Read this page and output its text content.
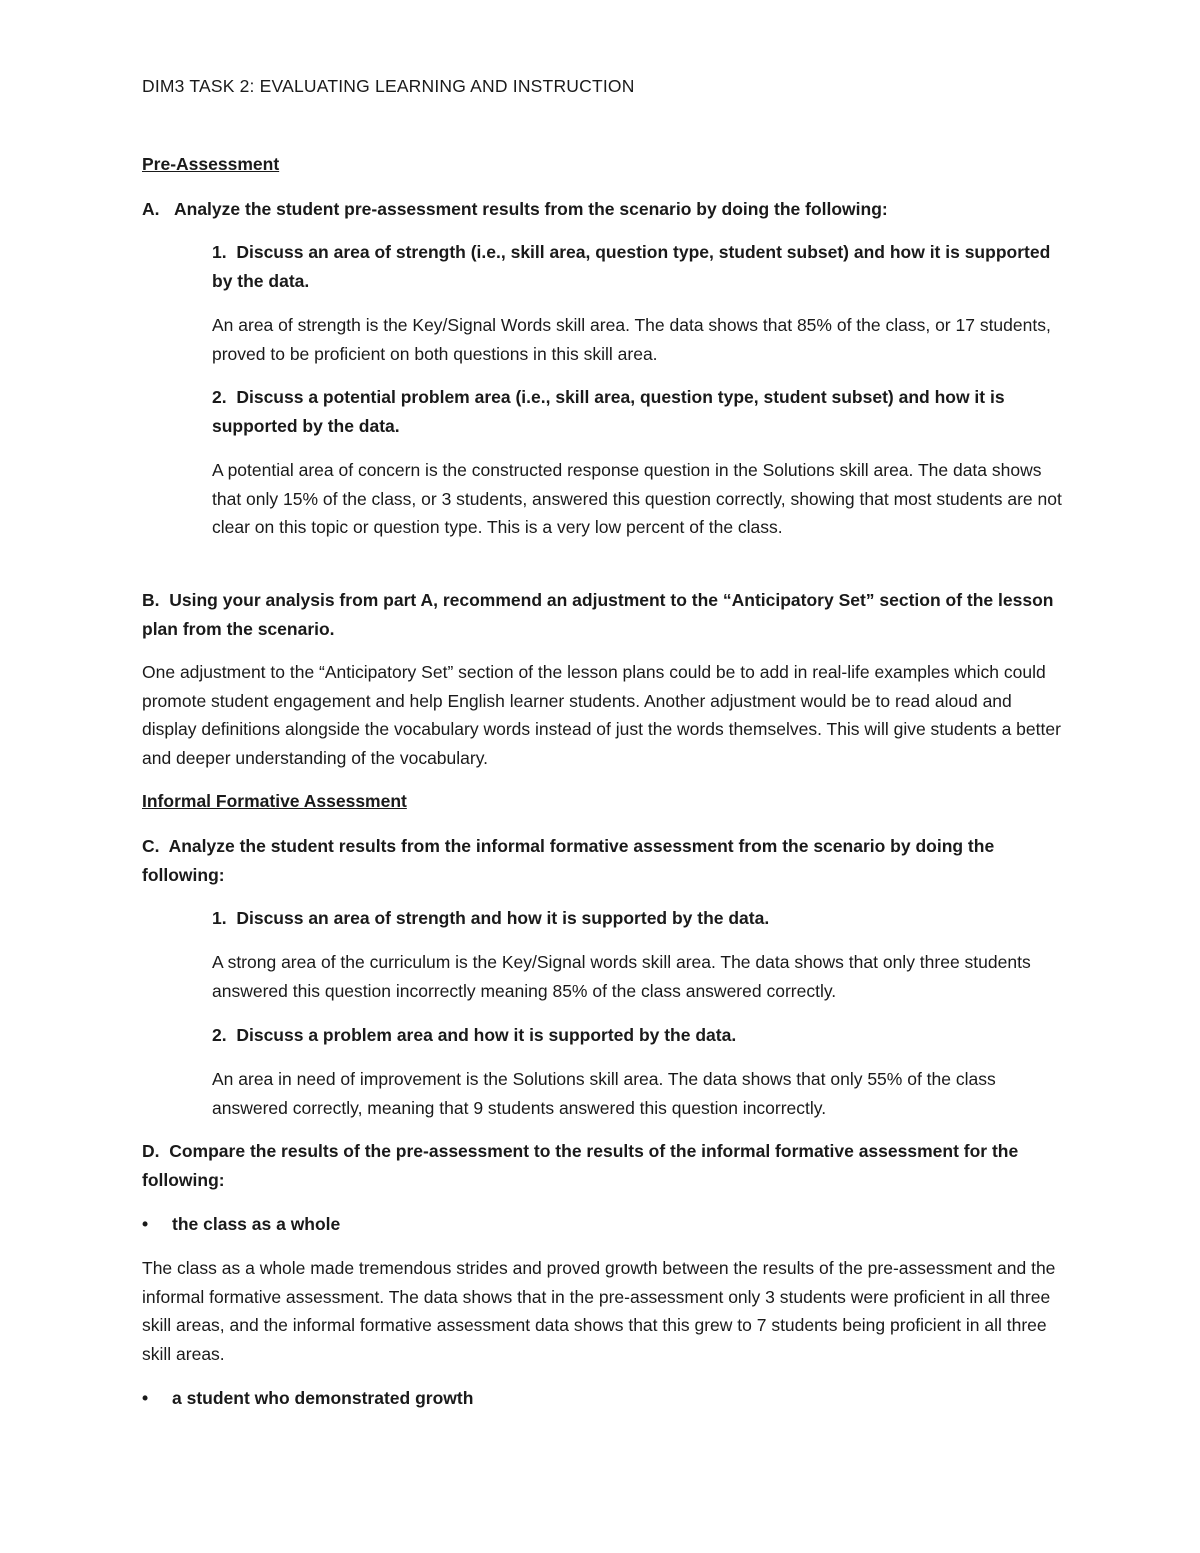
DIM3 TASK 2: EVALUATING LEARNING AND INSTRUCTION

Pre-Assessment

A. Analyze the student pre-assessment results from the scenario by doing the following:
1. Discuss an area of strength (i.e., skill area, question type, student subset) and how it is supported by the data.

An area of strength is the Key/Signal Words skill area. The data shows that 85% of the class, or 17 students, proved to be proficient on both questions in this skill area.

2. Discuss a potential problem area (i.e., skill area, question type, student subset) and how it is supported by the data.

A potential area of concern is the constructed response question in the Solutions skill area. The data shows that only 15% of the class, or 3 students, answered this question correctly, showing that most students are not clear on this topic or question type. This is a very low percent of the class.

B. Using your analysis from part A, recommend an adjustment to the “Anticipatory Set” section of the lesson plan from the scenario.

One adjustment to the “Anticipatory Set” section of the lesson plans could be to add in real-life examples which could promote student engagement and help English learner students. Another adjustment would be to read aloud and display definitions alongside the vocabulary words instead of just the words themselves. This will give students a better and deeper understanding of the vocabulary.

Informal Formative Assessment

C. Analyze the student results from the informal formative assessment from the scenario by doing the following:
1. Discuss an area of strength and how it is supported by the data.

A strong area of the curriculum is the Key/Signal words skill area. The data shows that only three students answered this question incorrectly meaning 85% of the class answered correctly.

2. Discuss a problem area and how it is supported by the data.

An area in need of improvement is the Solutions skill area. The data shows that only 55% of the class answered correctly, meaning that 9 students answered this question incorrectly.

D. Compare the results of the pre-assessment to the results of the informal formative assessment for the following:
•	the class as a whole

The class as a whole made tremendous strides and proved growth between the results of the pre-assessment and the informal formative assessment. The data shows that in the pre-assessment only 3 students were proficient in all three skill areas, and the informal formative assessment data shows that this grew to 7 students being proficient in all three skill areas.

•	a student who demonstrated growth
